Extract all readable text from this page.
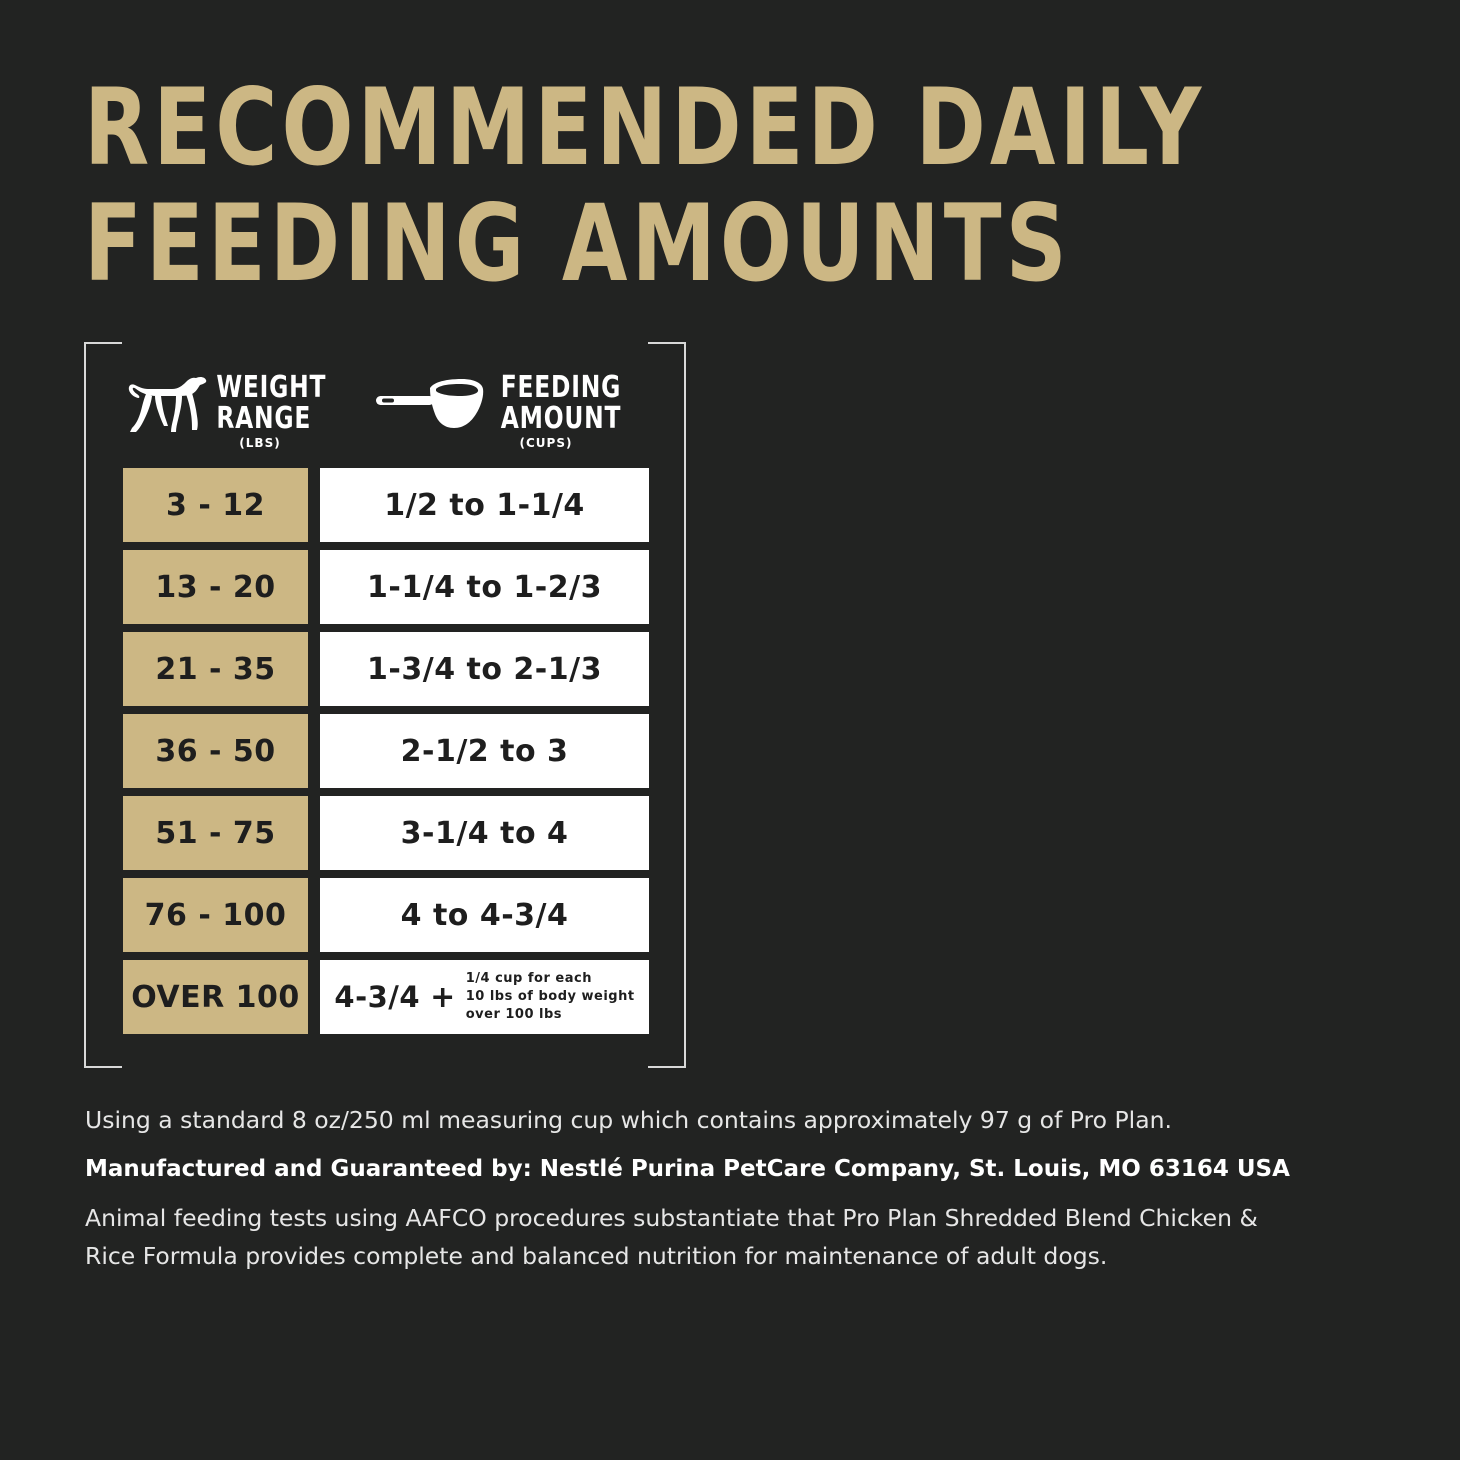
RECOMMENDED DAILY
FEEDING AMOUNTS
WEIGHT
RANGE
(LBS)
FEEDING
AMOUNT
(CUPS)
3 - 12	1/2 to 1-1/4
13 - 20	1-1/4 to 1-2/3
21 - 35	1-3/4 to 2-1/3
36 - 50	2-1/2 to 3
51 - 75	3-1/4 to 4
76 - 100	4 to 4-3/4
OVER 100 4-3/4 +
1/4 cup for each
10 lbs of body weight
over 100 lbs
Using a standard 8 oz/250 ml measuring cup which contains approximately 97 g of Pro Plan.
Manufactured and Guaranteed by: Nestlé Purina PetCare Company, St. Louis, MO 63164 USA
Animal feeding tests using AAFCO procedures substantiate that Pro Plan Shredded Blend Chicken &
Rice Formula provides complete and balanced nutrition for maintenance of adult dogs.
